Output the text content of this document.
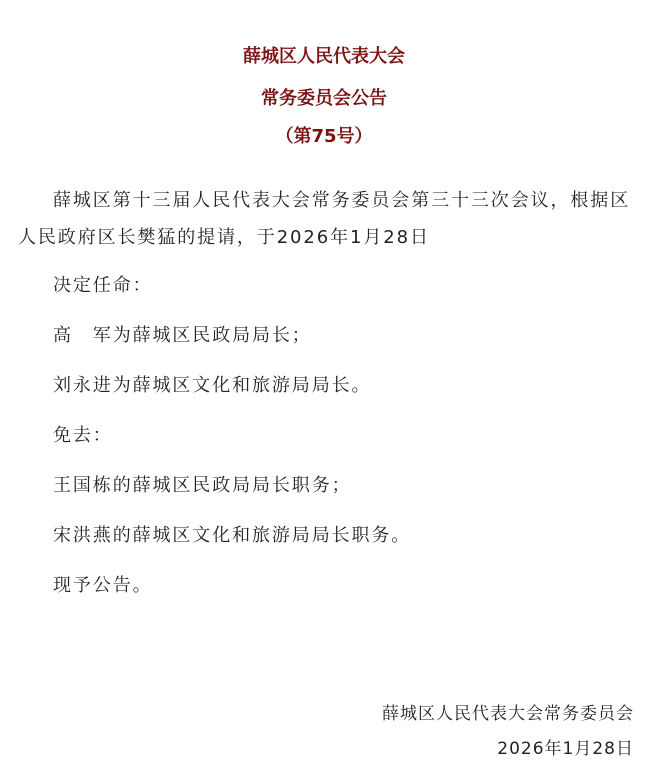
薛城区人民代表大会
常务委员会公告
（第75号）
薛城区第十三届人民代表大会常务委员会第三十三次会议，根据区人民政府区长樊猛的提请，于2026年1月28日
决定任命：
高　军为薛城区民政局局长；
刘永进为薛城区文化和旅游局局长。
免去：
王国栋的薛城区民政局局长职务；
宋洪燕的薛城区文化和旅游局局长职务。
现予公告。
薛城区人民代表大会常务委员会
2026年1月28日
